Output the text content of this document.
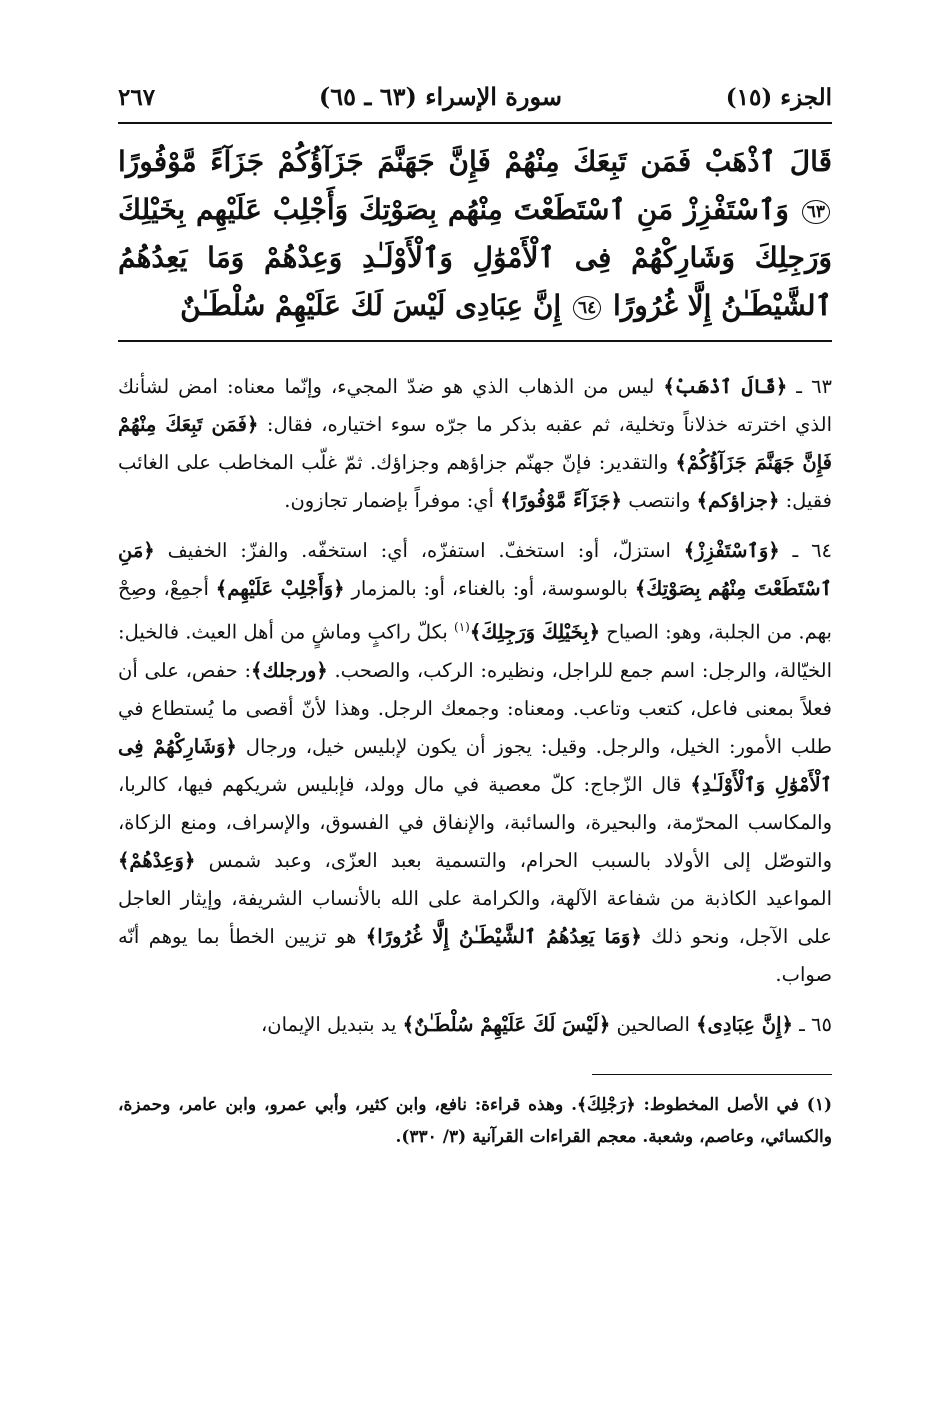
الجزء (١٥)
سورة الإسراء (٦٣ ـ ٦٥)
٢٦٧
قَالَ ٱذْهَبْ فَمَن تَبِعَكَ مِنْهُمْ فَإِنَّ جَهَنَّمَ جَزَآؤُكُمْ جَزَآءً مَّوْفُورًا ٦٣ وَٱسْتَفْزِزْ مَنِ ٱسْتَطَعْتَ مِنْهُم بِصَوْتِكَ وَأَجْلِبْ عَلَيْهِم بِخَيْلِكَ وَرَجِلِكَ وَشَارِكْهُمْ فِى ٱلْأَمْوَٰلِ وَٱلْأَوْلَـٰدِ وَعِدْهُمْ وَمَا يَعِدُهُمُ ٱلشَّيْطَـٰنُ إِلَّا غُرُورًا ٦٤ إِنَّ عِبَادِى لَيْسَ لَكَ عَلَيْهِمْ سُلْطَـٰنٌ

٦٣ ـ ﴿قَالَ ٱذْهَبْ﴾ ليس من الذهاب الذي هو ضدّ المجيء، وإنّما معناه: امض لشأنك الذي اخترته خذلاناً وتخلية، ثم عقبه بذكر ما جرّه سوء اختياره، فقال: ﴿فَمَن تَبِعَكَ مِنْهُمْ فَإِنَّ جَهَنَّمَ جَزَآؤُكُمْ﴾ والتقدير: فإنّ جهنّم جزاؤهم وجزاؤك. ثمّ غلّب المخاطب على الغائب فقيل: ﴿جزاؤكم﴾ وانتصب ﴿جَزَآءً مَّوْفُورًا﴾ أي: موفراً بإضمار تجازون.

٦٤ ـ ﴿وَٱسْتَفْزِزْ﴾ استزلّ، أو: استخفّ. استفزّه، أي: استخفّه. والفزّ: الخفيف ﴿مَنِ ٱسْتَطَعْتَ مِنْهُم بِصَوْتِكَ﴾ بالوسوسة، أو: بالغناء، أو: بالمزمار ﴿وَأَجْلِبْ عَلَيْهِم﴾ أجمِعْ، وصِحْ بهم. من الجلبة، وهو: الصياح ﴿بِخَيْلِكَ وَرَجِلِكَ﴾$^{(١)}$ بكلّ راكبٍ وماشٍ من أهل العيث. فالخيل: الخيّالة، والرجل: اسم جمع للراجل، ونظيره: الركب، والصحب. ﴿ورجلك﴾: حفص، على أن فعلاً بمعنى فاعل، كتعب وتاعب. ومعناه: وجمعك الرجل. وهذا لأنّ أقصى ما يُستطاع في طلب الأمور: الخيل، والرجل. وقيل: يجوز أن يكون لإبليس خيل، ورجال ﴿وَشَارِكْهُمْ فِى ٱلْأَمْوَٰلِ وَٱلْأَوْلَـٰدِ﴾ قال الزّجاج: كلّ معصية في مال وولد، فإبليس شريكهم فيها، كالربا، والمكاسب المحرّمة، والبحيرة، والسائبة، والإنفاق في الفسوق، والإسراف، ومنع الزكاة، والتوصّل إلى الأولاد بالسبب الحرام، والتسمية بعبد العزّى، وعبد شمس ﴿وَعِدْهُمْ﴾ المواعيد الكاذبة من شفاعة الآلهة، والكرامة على الله بالأنساب الشريفة، وإيثار العاجل على الآجل، ونحو ذلك ﴿وَمَا يَعِدُهُمُ ٱلشَّيْطَـٰنُ إِلَّا غُرُورًا﴾ هو تزيين الخطأ بما يوهم أنّه صواب.

٦٥ ـ ﴿إِنَّ عِبَادِى﴾ الصالحين ﴿لَيْسَ لَكَ عَلَيْهِمْ سُلْطَـٰنٌ﴾ يد بتبديل الإيمان،

(١) في الأصل المخطوط: ﴿رَجْلِكَ﴾. وهذه قراءة: نافع، وابن كثير، وأبي عمرو، وابن عامر، وحمزة، والكسائي، وعاصم، وشعبة. معجم القراءات القرآنية (٣/ ٣٣٠).
